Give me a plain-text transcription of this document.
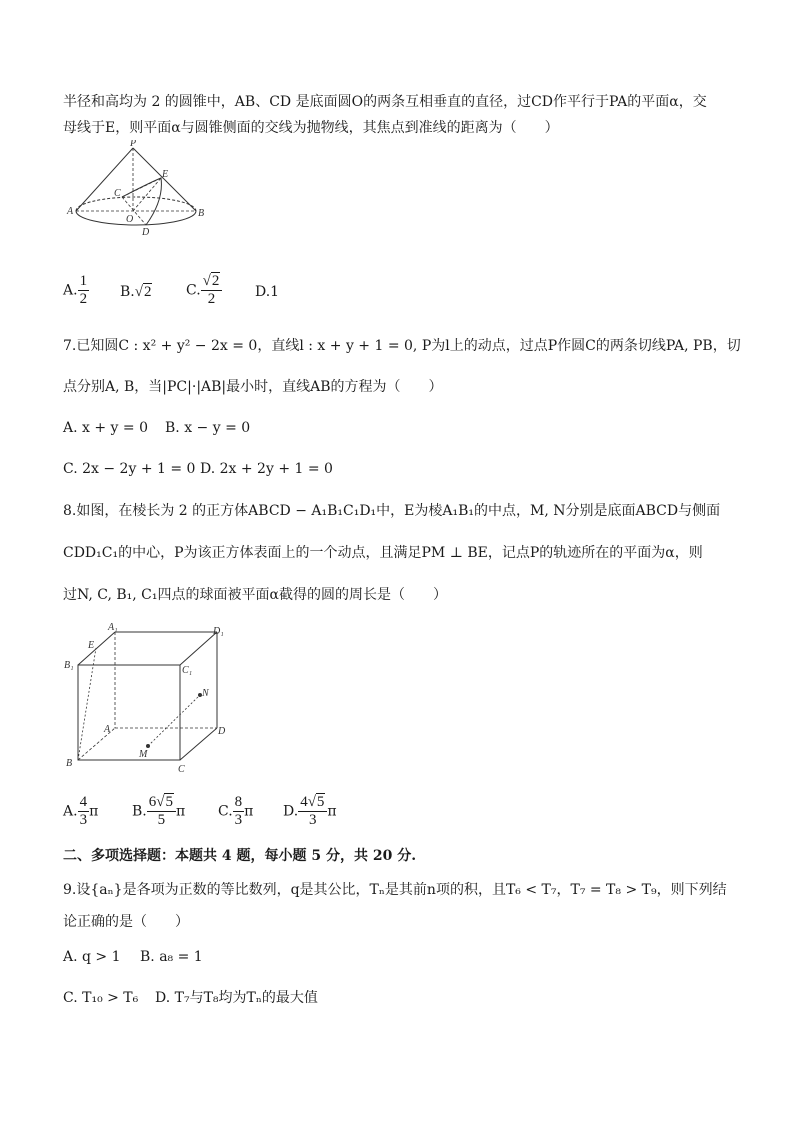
半径和高均为 2 的圆锥中，AB、CD 是底面圆O的两条互相垂直的直径，过CD作平行于PA的平面α，交
母线于E，则平面α与圆锥侧面的交线为抛物线，其焦点到准线的距离为（　　）
P
E
C
A
O
B
D
A. $\frac{1}{2} B.√2$ C. $\frac{√2}{2} D.1$
7.已知圆C : x² + y² − 2x = 0，直线l : x + y + 1 = 0, P为l上的动点，过点P作圆C的两条切线PA, PB，切
点分别A, B，当|PC|·|AB|最小时，直线AB的方程为（　　）
A. x + y = 0 B. x − y = 0
C. 2x − 2y + 1 = 0 D. 2x + 2y + 1 = 0
8.如图，在棱长为 2 的正方体ABCD − A₁B₁C₁D₁中，E为棱A₁B₁的中点，M, N分别是底面ABCD与侧面
CDD₁C₁的中心，P为该正方体表面上的一个动点，且满足PM ⊥ BE，记点P的轨迹所在的平面为α，则
过N, C, B₁, C₁四点的球面被平面α截得的圆的周长是（　　）
A₁	D₁
E
B₁	C₁
N
A	D
M
B
C
A. $\frac{4}{3}$ π B. $\frac{6√5}{5}$ π C. $\frac{8}{3}$ π D. $\frac{4√5}{3}$ π
二、多项选择题：本题共 4 题，每小题 5 分，共 20 分.
9.设{aₙ}是各项为正数的等比数列，q是其公比，Tₙ是其前n项的积，且T₆ < T₇，T₇ = T₈ > T₉，则下列结
论正确的是（　　）
A. q > 1 B. a₈ = 1
C. T₁₀ > T₆ D. T₇与T₈均为Tₙ的最大值
